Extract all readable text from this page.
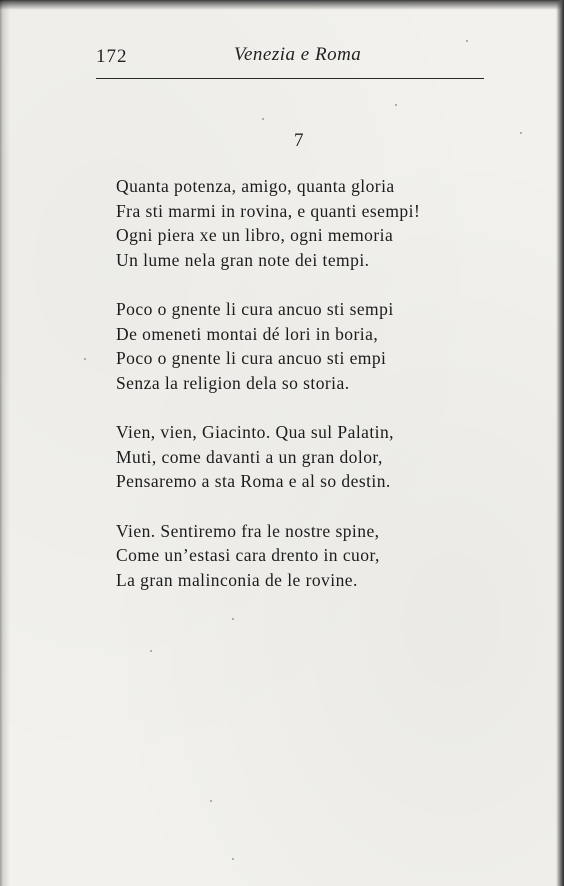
172	Venezia e Roma
7
Quanta potenza, amigo, quanta gloria
Fra sti marmi in rovina, e quanti esempi!
Ogni piera xe un libro, ogni memoria
Un lume nela gran note dei tempi.
Poco o gnente li cura ancuo sti sempi
De omeneti montai dé lori in boria,
Poco o gnente li cura ancuo sti empi
Senza la religion dela so storia.
Vien, vien, Giacinto. Qua sul Palatin,
Muti, come davanti a un gran dolor,
Pensaremo a sta Roma e al so destin.
Vien. Sentiremo fra le nostre spine,
Come un’estasi cara drento in cuor,
La gran malinconia de le rovine.
